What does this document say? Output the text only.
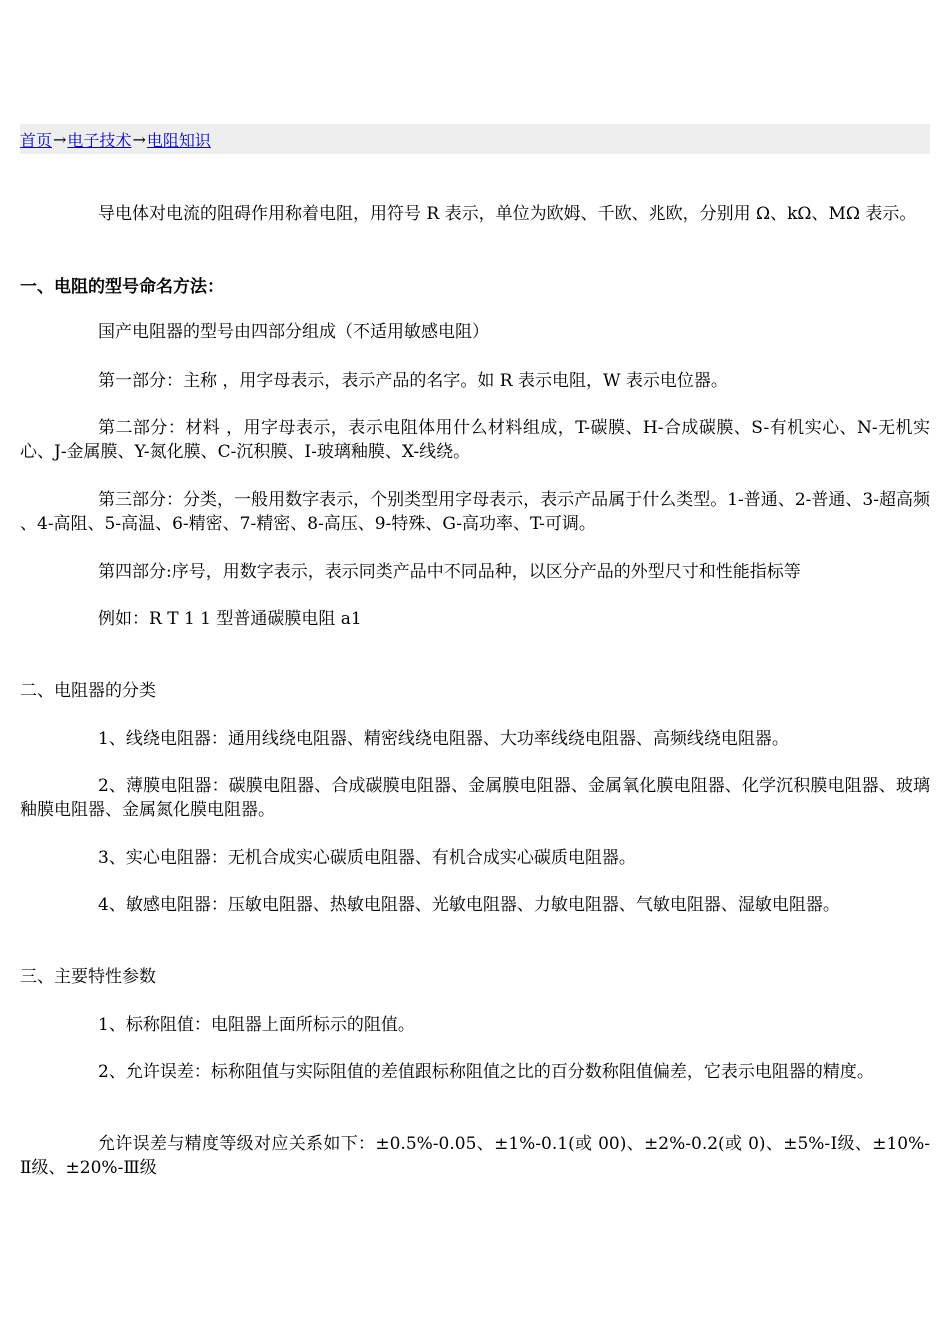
首页 → 电子技术 → 电阻知识
导电体对电流的阻碍作用称着电阻，用符号 R 表示，单位为欧姆、千欧、兆欧，分别用 Ω、kΩ、MΩ 表示。
一、电阻的型号命名方法：
国产电阻器的型号由四部分组成（不适用敏感电阻）
第一部分：主称 ，用字母表示，表示产品的名字。如 R 表示电阻，W 表示电位器。
第二部分：材料 ，用字母表示，表示电阻体用什么材料组成，T-碳膜、H-合成碳膜、S-有机实心、N-无机实心、J-金属膜、Y-氮化膜、C-沉积膜、I-玻璃釉膜、X-线绕。
第三部分：分类，一般用数字表示，个别类型用字母表示，表示产品属于什么类型。1-普通、2-普通、3-超高频 、4-高阻、5-高温、6-精密、7-精密、8-高压、9-特殊、G-高功率、T-可调。
第四部分:序号，用数字表示，表示同类产品中不同品种，以区分产品的外型尺寸和性能指标等
例如：R T 1 1 型普通碳膜电阻 a1
二、电阻器的分类
1、线绕电阻器：通用线绕电阻器、精密线绕电阻器、大功率线绕电阻器、高频线绕电阻器。
2、薄膜电阻器：碳膜电阻器、合成碳膜电阻器、金属膜电阻器、金属氧化膜电阻器、化学沉积膜电阻器、玻璃釉膜电阻器、金属氮化膜电阻器。
3、实心电阻器：无机合成实心碳质电阻器、有机合成实心碳质电阻器。
4、敏感电阻器：压敏电阻器、热敏电阻器、光敏电阻器、力敏电阻器、气敏电阻器、湿敏电阻器。
三、主要特性参数
1、标称阻值：电阻器上面所标示的阻值。
2、允许误差：标称阻值与实际阻值的差值跟标称阻值之比的百分数称阻值偏差，它表示电阻器的精度。
允许误差与精度等级对应关系如下：±0.5%-0.05、±1%-0.1(或 00)、±2%-0.2(或 0)、±5%-Ⅰ级、±10%-Ⅱ级、±20%-Ⅲ级
